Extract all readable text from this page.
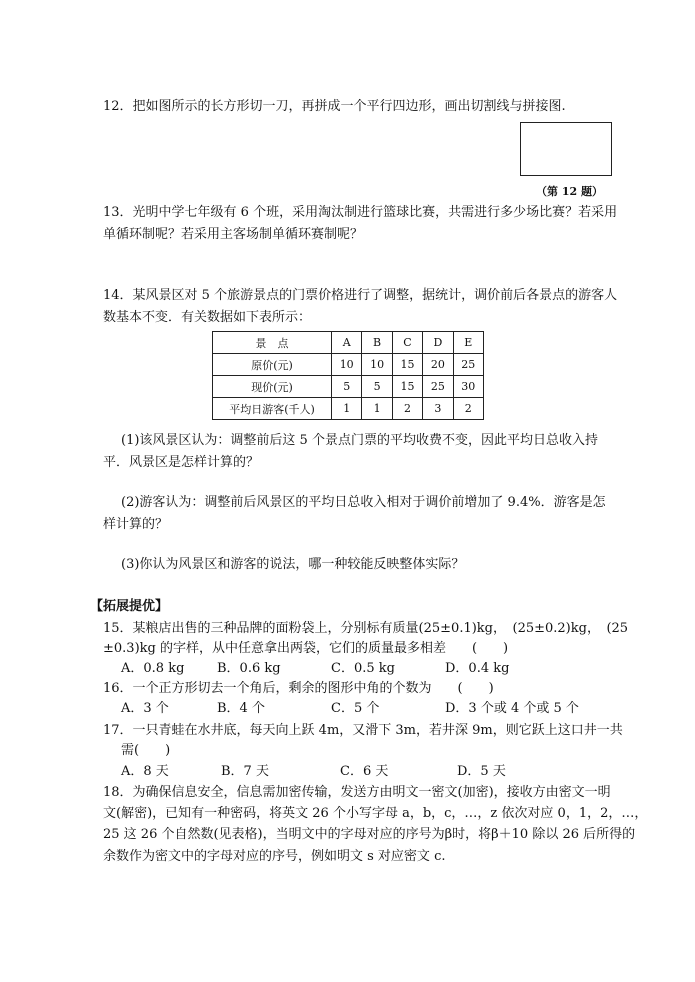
12．把如图所示的长方形切一刀，再拼成一个平行四边形，画出切割线与拼接图.
（第 12 题）
13．光明中学七年级有 6 个班，采用淘汰制进行篮球比赛，共需进行多少场比赛？若采用
单循环制呢？若采用主客场制单循环赛制呢？
14．某风景区对 5 个旅游景点的门票价格进行了调整，据统计，调价前后各景点的游客人
数基本不变．有关数据如下表所示：
景　点	A	B	C	D	E
原价(元)	10	10	15	20	25
现价(元)	5	5	15	25	30
平均日游客(千人)	1	1	2	3	2
(1)该风景区认为：调整前后这 5 个景点门票的平均收费不变，因此平均日总收入持
平．风景区是怎样计算的？
(2)游客认为：调整前后风景区的平均日总收入相对于调价前增加了 9.4%．游客是怎
样计算的？
(3)你认为风景区和游客的说法，哪一种较能反映整体实际？
【拓展提优】
15．某粮店出售的三种品牌的面粉袋上，分别标有质量(25±0.1)kg，　(25±0.2)kg，　(25
±0.3)kg 的字样，从中任意拿出两袋，它们的质量最多相差　　(　　)
A．0.8 kg	B．0.6 kg	C．0.5 kg	D．0.4 kg
16．一个正方形切去一个角后，剩余的图形中角的个数为　　(　　)
A．3 个	B．4 个	C．5 个	D．3 个或 4 个或 5 个
17．一只青蛙在水井底，每天向上跃 4m，又滑下 3m，若井深 9m，则它跃上这口井一共
需(　　)
A．8 天	B．7 天	C．6 天	D．5 天
18．为确保信息安全，信息需加密传输，发送方由明文一密文(加密)，接收方由密文一明
文(解密)，已知有一种密码，将英文 26 个小写字母 a，b，c，…，z 依次对应 0，1，2，…，
25 这 26 个自然数(见表格)，当明文中的字母对应的序号为β时，将β＋10 除以 26 后所得的
余数作为密文中的字母对应的序号，例如明文 s 对应密文 c.
